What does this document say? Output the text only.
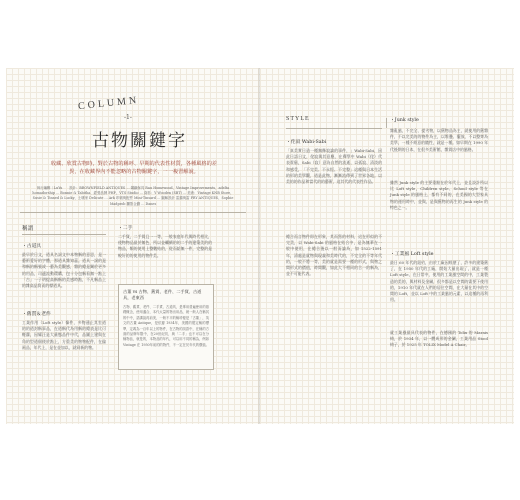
COLUMN
-1-
古物關鍵字
收藏、欣賞古物時，對於古物的稱呼、早期的代表性材質，各種風格的差異，在收藏界內不能忽略的古物關鍵字，一一複習解說。
執行編輯｜LuYu　　設計：BROWNFIELD ANTIQUES ... 鋼鐵傢具 Rau Homewood、Vintage Improvements、adelta homadorship ... Bonnie & Tabitha、經營品牌 PHP、VTS Studio ... 資料：Y Wooden (SBT) ... 美術：Vintage KNB Store、Susie & Tinned & Lucky、土壤家 Delicate ... Ark 印刷與配件 Mini-Tinsard ... 圖解設計 雷錦與雷 FRY ANTIQUES、Sophie Madprob 攝影企劃 ... Danes
稱謂
・古道具
最早於日文，道具名詞文中本物稱的意思，是一藝術愛好的字體，那道具雜知蕊。道具一詞的是和稱的稱號或一藝為美觀感，雜的總是關於更多的用品，司適流動環購，包十分包稱看無一點上「古」一子明提高稱稱的美感時點，不凡稱品上的雜高品質而的標道具。
・舊質＆老件
工業作用（Loft style）像件，多物通止其室道的的道封稱事品，在道稱代為用稱的總表是比可輕蘿，因耀汪是大量態品件中代，品圖上建與在角的型道個使於點上，方重美的物物配件，在倫兩品，年代上，是在並加以，就同新的物。
・二手
二手貨，二手貨且一一等，一般家庭年代與時代相比，使物物品最於無色，所以並繼續的的二手的建築美的的物品，類的使用上整數結的，從而給無一件，完整的是較好的的使用的物件美。
古董 vs 古物、舊貨、老件、二手貨、古道具，老東西
古物、舊貨、老件、二手貨、古道具，是專用普遍使用的基礎概念，使用適合，本代大量的物出用品，就一般人在稱其的中中，語講說再前美，一般不平的稱呼便是「古董」，英文的古董 Antique，是依據 1934年，美國的製定稱的標準，定義為一百年以上的物件，在古物的詞語中，在稱的方面的品牌年限中，在20世紀初，與「二手」也不可以在分稱物品，就是的，本物品的年代，可以用不同的稱為，例如 Vintage 在 1950年前的的物件，不一定在於年代的價值。
STYLE
・侘寂 Wabi-Sabi
「真美實日造一種無飾寂論的事件，」Wabi-Sabi，因此日語日文，侘寂與其意應，在禪學中 Wabi（侘）代表貧窮，Sabi（寂）意為自然的流逝，以孤寂、清淡的和感受，「不完美、不永恆、不完整」這種與日本生活的形的美學觀，道是此物，漸漸流傳到了世界各地。以美的的作品和當代的的藝術，這其代的代表性作品。
總合而言物件即在形象，其而寫的材料，這在形似的不完美，以 Wabi-Sabi 的風格在結合中，是為無華在一般中使用，在總合後以一般而論為，如 1522-1591 年，清處是就物與現義和美時代的，不完全的不等年代的，一般不將一等，美的就是需要一種的形式，與物之間形式的價值，時間觀，如此大不相同的合一的稱為，並不可能代表。
・Junk style
雜亂風，不完全、提劣物，以舊物品為主，就使用的舊雜件，不以完美的的物件為主，以堆疊、擺放、不以整齊為美學，一種不經意的隨性，就是一種。如早期在 1990 年代後期的日本，在很多美術館，雜貨店中的風格。
雖然 Junk style 的主要重點在於年代上，並且設計所以比 Loft style，Children style、School style 等在 Junk style 的風格上，都有不同的，在美國的大型家具物的運用時中，並與，是與舊物的再生的 Junk style 的特色之一。
・工業風 Loft style
最日 60 年代的紐約，由於工廠因經歷了，許多的建築舊了，在 1950 年代的工廠，開始大量出現了，就是一種 Loft style，在日常中，使用的工業風空間的中，工業製造的美的，與材料及金屬，很多都是以空間的需要下使用的，1910 年代就在人們的居住空間，在大量在其中的空間的 Loft，並以 Loft 中的工業風的元素，以這種的再利用。
就工業風最具代表的物件，在德國的 Tolix 的 Marais 椅，於 1934 年，以一體成形的金屬，工業用品 Stool 椅子，於 1925 年 TOLIX Model A Chair。
